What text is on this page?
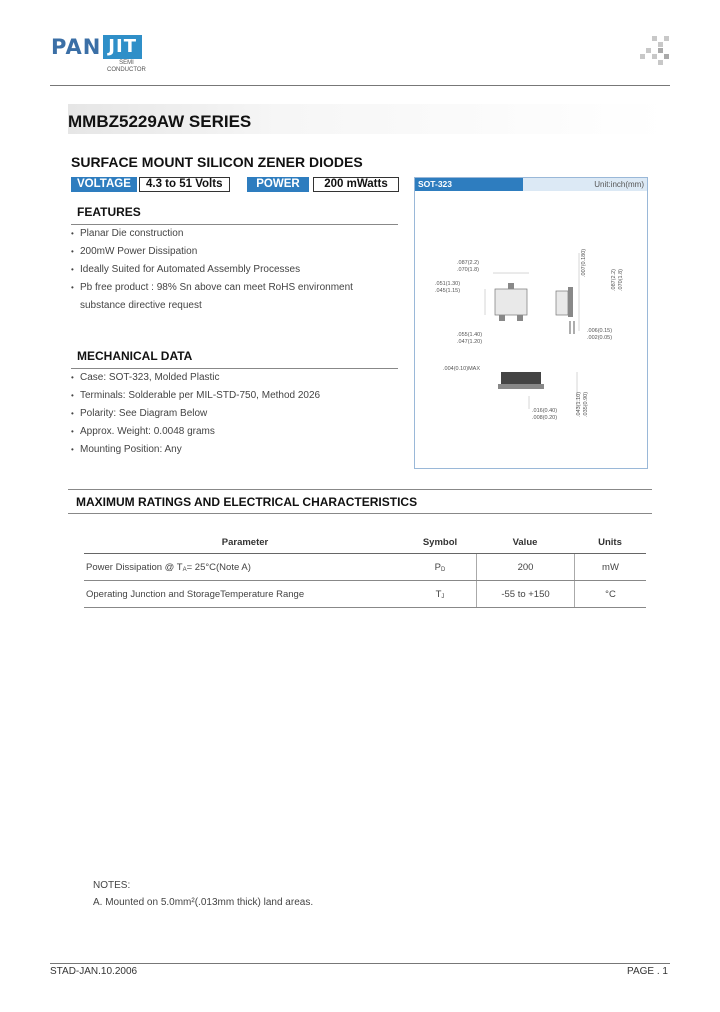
PAN JIT
SEMI
CONDUCTOR
MMBZ5229AW SERIES
SURFACE MOUNT SILICON ZENER DIODES
VOLTAGE	4.3 to 51 Volts	POWER	200 mWatts
FEATURES
• Planar Die construction
• 200mW Power Dissipation
• Ideally Suited for Automated Assembly Processes
• Pb free product : 98% Sn above can meet RoHS environment
substance directive request
MECHANICAL DATA
• Case: SOT-323, Molded Plastic
• Terminals: Solderable per MIL-STD-750, Method 2026
• Polarity: See Diagram Below
• Approx. Weight: 0.0048 grams
• Mounting Position: Any
SOT-323	Unit:inch(mm)
.087(2.2)
.070(1.8)
.051(1.30)
.045(1.15)
.055(1.40)
.047(1.20)
.004(0.10)MAX
.016(0.40)
.008(0.20)
.006(0.15)
.002(0.05)
.087(2.2) .070(1.8)
.007(0.180)
.043(1.10) .035(0.90)
MAXIMUM RATINGS AND ELECTRICAL CHARACTERISTICS
Parameter	Symbol	Value	Units
Power Dissipation @ T A = 25°C(Note A)	P D	200	mW
Operating Junction and StorageTemperature Range	T J	-55 to +150	°C
NOTES:
A. Mounted on 5.0mm²(.013mm thick) land areas.
STAD-JAN.10.2006	PAGE . 1
